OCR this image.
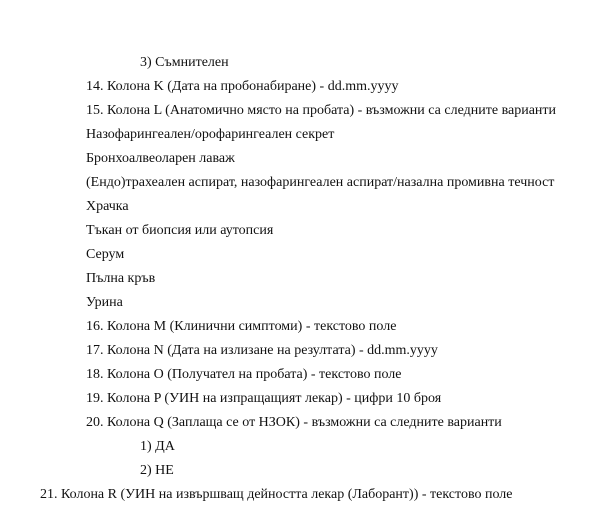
3) Съмнителен
14. Колона K (Дата на пробонабиране) - dd.mm.yyyy
15. Колона L (Анатомично място на пробата) - възможни са следните варианти
Назофарингеален/орофарингеален секрет
Бронхоалвеоларен лаваж
(Ендо)трахеален аспират, назофарингеален аспират/назална промивна течност
Храчка
Тъкан от биопсия или аутопсия
Серум
Пълна кръв
Урина
16. Колона M (Клинични симптоми) - текстово поле
17. Колона N (Дата на излизане на резултата) - dd.mm.yyyy
18. Колона O (Получател на пробата) - текстово поле
19. Колона P (УИН на изпращащият лекар) - цифри 10 броя
20. Колона Q (Заплаща се от НЗОК) - възможни са следните варианти
1) ДА
2) НЕ
21. Колона R (УИН на извършващ дейността лекар (Лаборант)) - текстово поле
